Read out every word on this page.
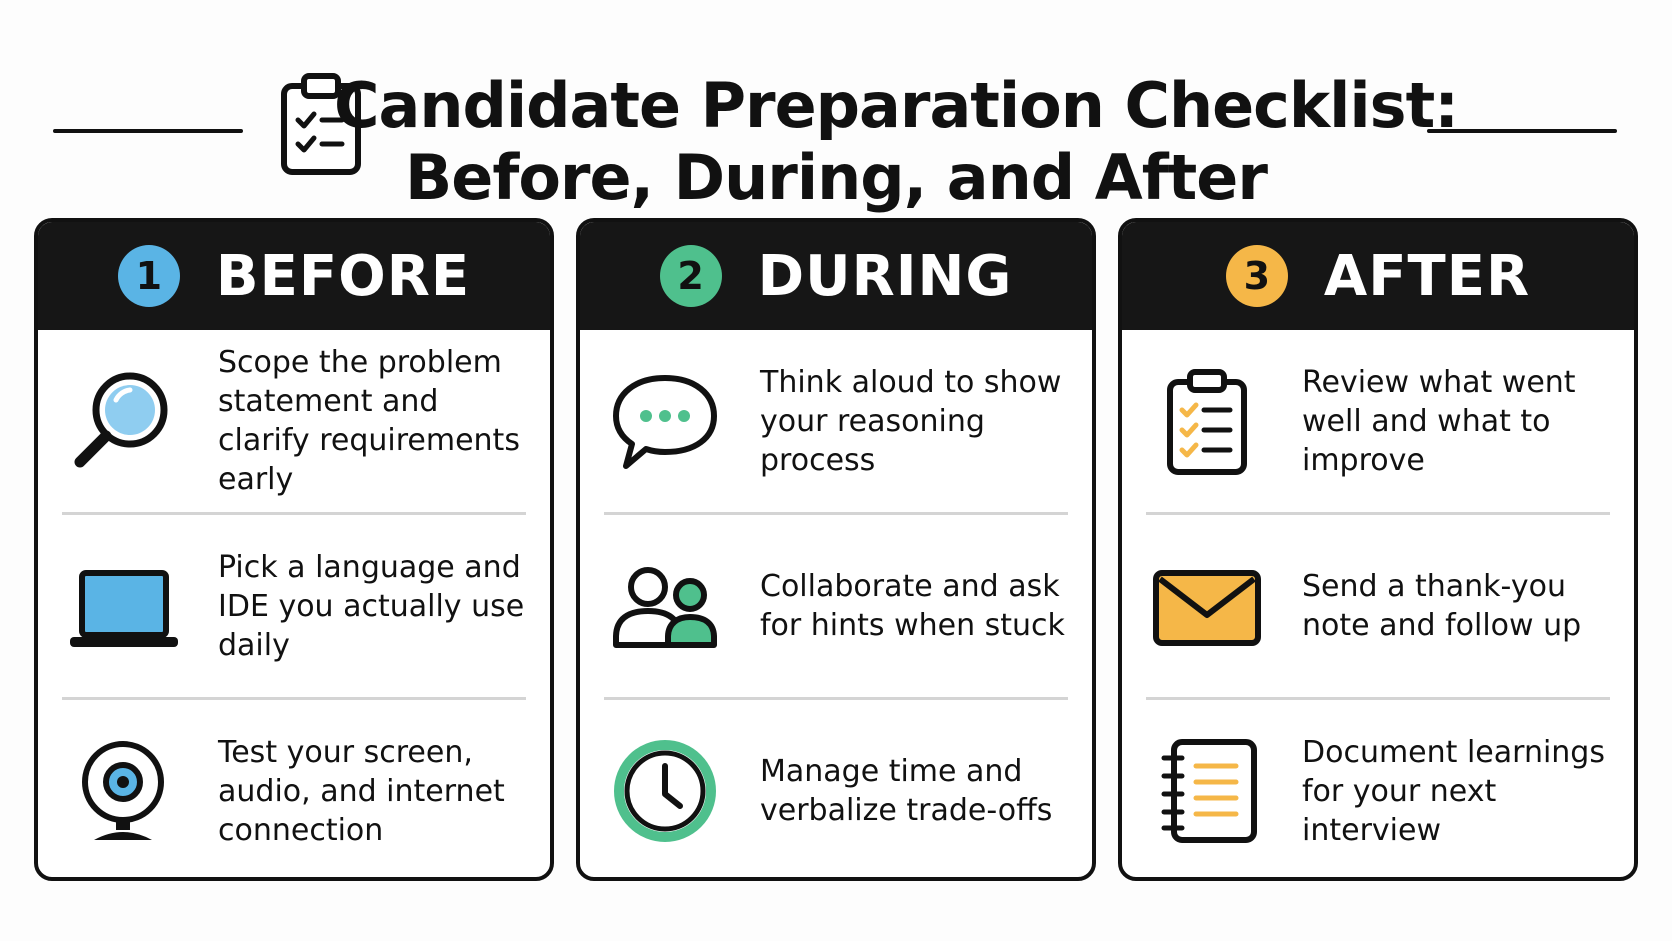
Candidate Preparation Checklist:
Before, During, and After
1 BEFORE
Scope the problem statement and clarify requirements early
Pick a language and IDE you actually use daily
Test your screen, audio, and internet connection
2 DURING
Think aloud to show your reasoning process
Collaborate and ask for hints when stuck
Manage time and verbalize trade-offs
3 AFTER
Review what went well and what to improve
Send a thank-you note and follow up
Document learnings for your next interview
